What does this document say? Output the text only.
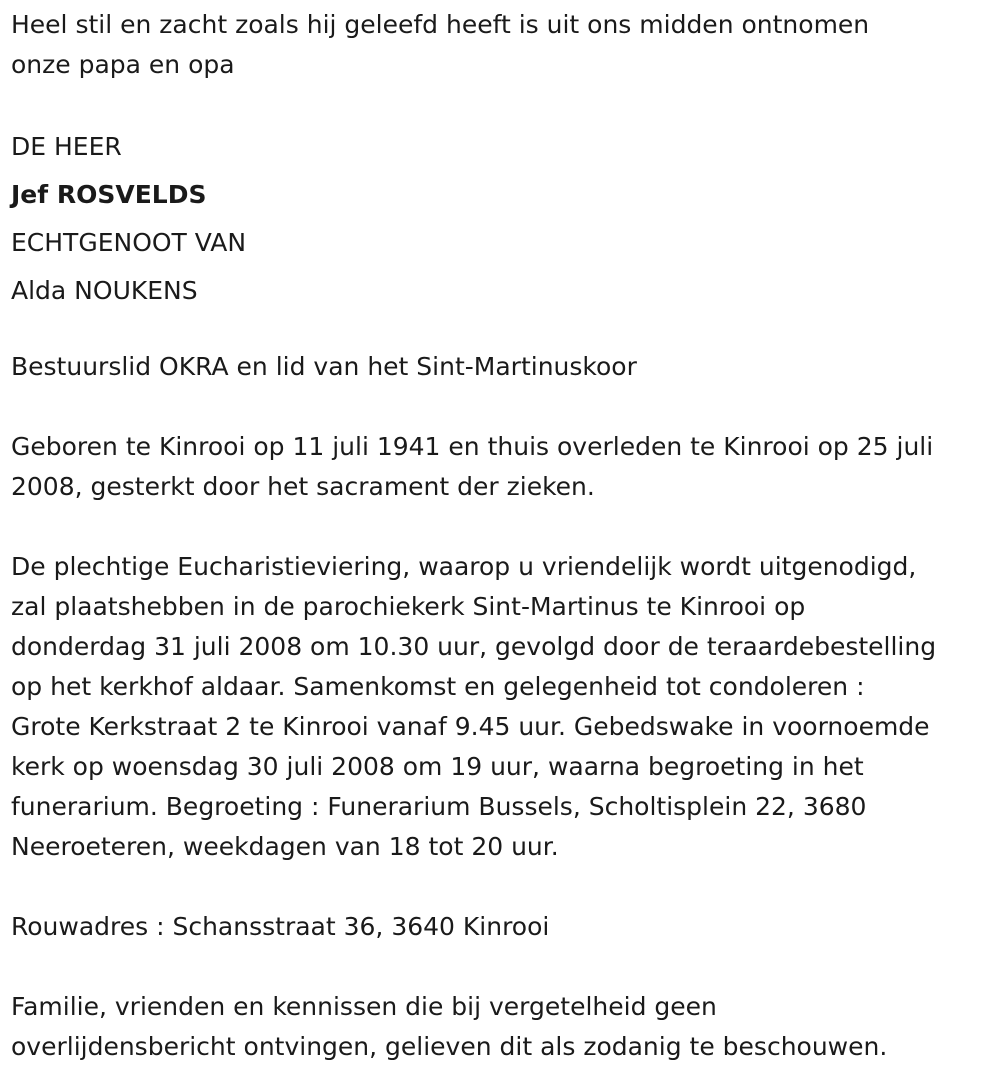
Heel stil en zacht zoals hij geleefd heeft is uit ons midden ontnomen
onze papa en opa
DE HEER
Jef ROSVELDS
ECHTGENOOT VAN
Alda NOUKENS
Bestuurslid OKRA en lid van het Sint-Martinuskoor
Geboren te Kinrooi op 11 juli 1941 en thuis overleden te Kinrooi op 25 juli
2008, gesterkt door het sacrament der zieken.
De plechtige Eucharistieviering, waarop u vriendelijk wordt uitgenodigd,
zal plaatshebben in de parochiekerk Sint-Martinus te Kinrooi op
donderdag 31 juli 2008 om 10.30 uur, gevolgd door de teraardebestelling
op het kerkhof aldaar. Samenkomst en gelegenheid tot condoleren :
Grote Kerkstraat 2 te Kinrooi vanaf 9.45 uur. Gebedswake in voornoemde
kerk op woensdag 30 juli 2008 om 19 uur, waarna begroeting in het
funerarium. Begroeting : Funerarium Bussels, Scholtisplein 22, 3680
Neeroeteren, weekdagen van 18 tot 20 uur.
Rouwadres : Schansstraat 36, 3640 Kinrooi
Familie, vrienden en kennissen die bij vergetelheid geen
overlijdensbericht ontvingen, gelieven dit als zodanig te beschouwen.
